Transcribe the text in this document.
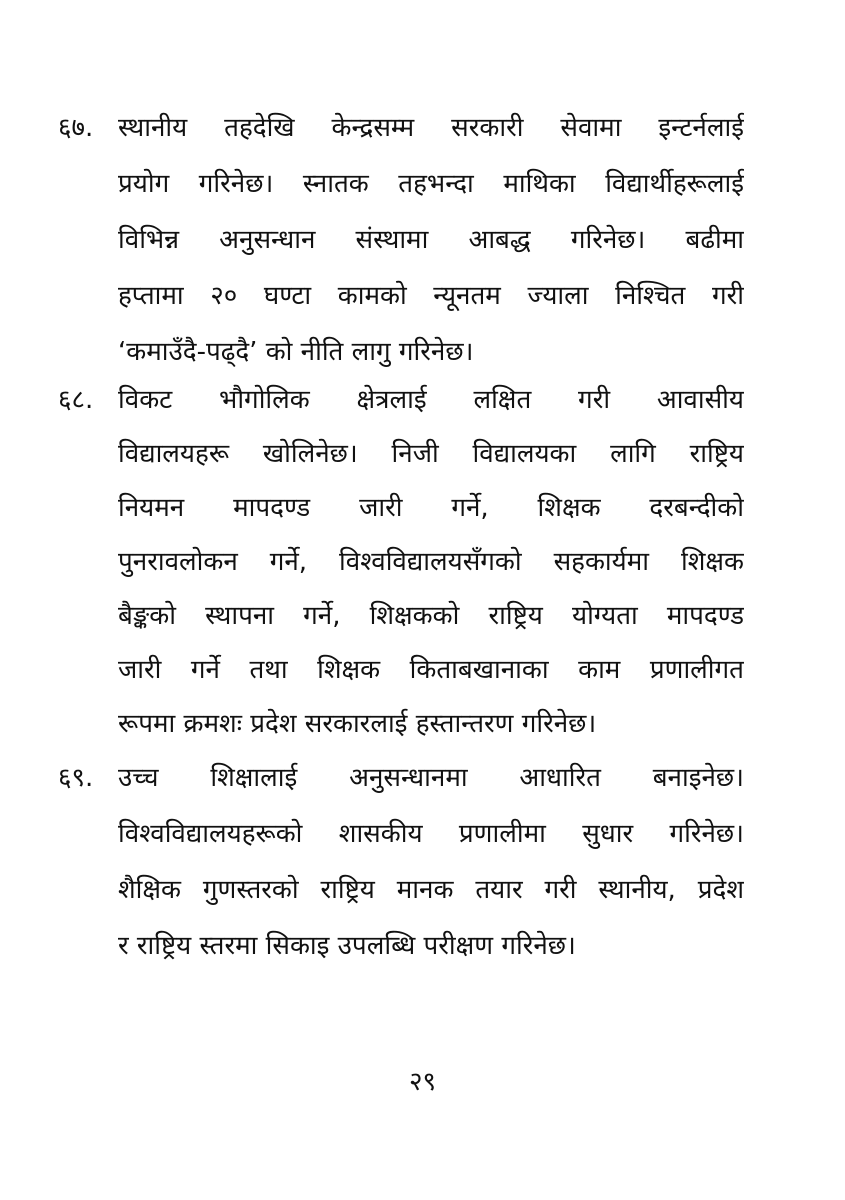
६७. स्थानीय तहदेखि केन्द्रसम्म सरकारी सेवामा इन्टर्नलाई
प्रयोग गरिनेछ। स्नातक तहभन्दा माथिका विद्यार्थीहरूलाई
विभिन्न अनुसन्धान संस्थामा आबद्ध गरिनेछ। बढीमा
हप्तामा २० घण्टा कामको न्यूनतम ज्याला निश्चित गरी
‘कमाउँदै-पढ्दै’ को नीति लागु गरिनेछ।
६८. विकट भौगोलिक क्षेत्रलाई लक्षित गरी आवासीय
विद्यालयहरू खोलिनेछ। निजी विद्यालयका लागि राष्ट्रिय
नियमन मापदण्ड जारी गर्ने, शिक्षक दरबन्दीको
पुनरावलोकन गर्ने, विश्वविद्यालयसँगको सहकार्यमा शिक्षक
बैङ्कको स्थापना गर्ने, शिक्षकको राष्ट्रिय योग्यता मापदण्ड
जारी गर्ने तथा शिक्षक किताबखानाका काम प्रणालीगत
रूपमा क्रमशः प्रदेश सरकारलाई हस्तान्तरण गरिनेछ।
६९. उच्च शिक्षालाई अनुसन्धानमा आधारित बनाइनेछ।
विश्वविद्यालयहरूको शासकीय प्रणालीमा सुधार गरिनेछ।
शैक्षिक गुणस्तरको राष्ट्रिय मानक तयार गरी स्थानीय, प्रदेश
र राष्ट्रिय स्तरमा सिकाइ उपलब्धि परीक्षण गरिनेछ।
२९
